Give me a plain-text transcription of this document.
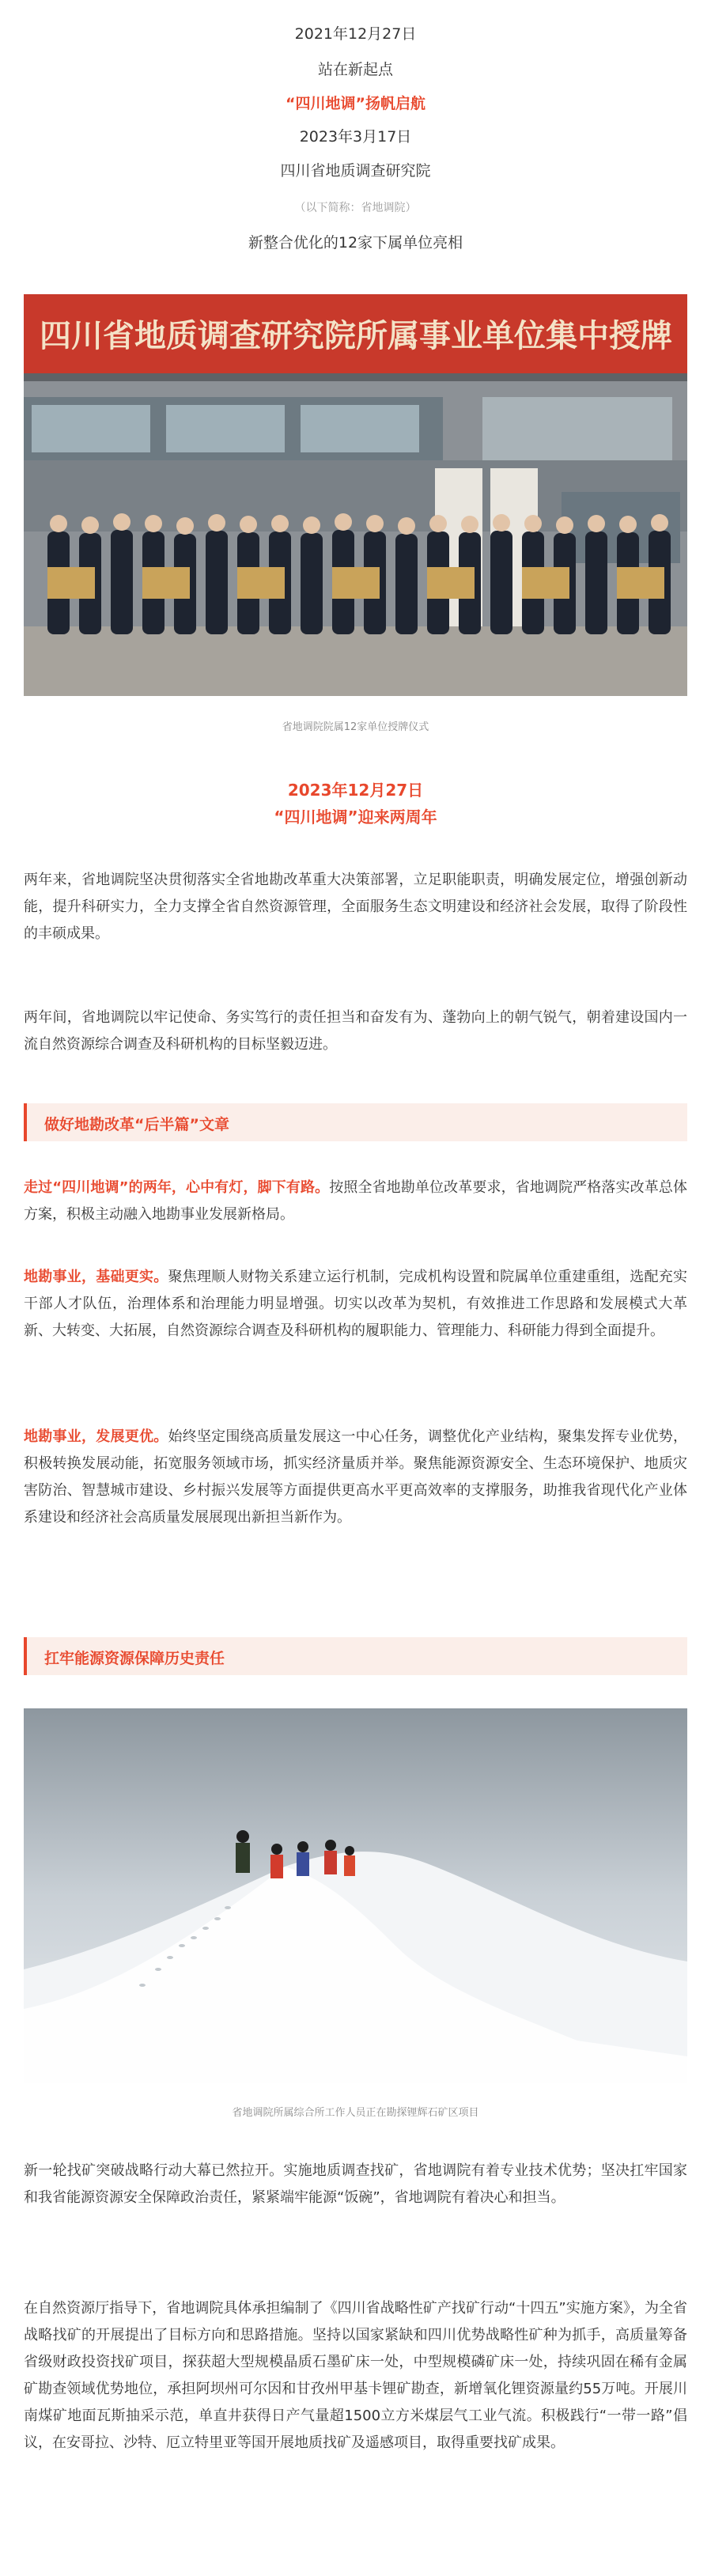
2021年12月27日
站在新起点
“四川地调”扬帆启航
2023年3月17日
四川省地质调查研究院
（以下简称：省地调院）
新整合优化的12家下属单位亮相
四川省地质调查研究院所属事业单位集中授牌
省地调院院属12家单位授牌仪式
2023年12月27日
“四川地调”迎来两周年

两年来，省地调院坚决贯彻落实全省地勘改革重大决策部署，立足职能职责，明确发展定位，增强创新动能，提升科研实力，全力支撑全省自然资源管理，全面服务生态文明建设和经济社会发展，取得了阶段性的丰硕成果。

两年间，省地调院以牢记使命、务实笃行的责任担当和奋发有为、蓬勃向上的朝气锐气，朝着建设国内一流自然资源综合调查及科研机构的目标坚毅迈进。

做好地勘改革“后半篇”文章

走过“四川地调”的两年，心中有灯，脚下有路。按照全省地勘单位改革要求，省地调院严格落实改革总体方案，积极主动融入地勘事业发展新格局。

地勘事业，基础更实。聚焦理顺人财物关系建立运行机制，完成机构设置和院属单位重建重组，选配充实干部人才队伍，治理体系和治理能力明显增强。切实以改革为契机，有效推进工作思路和发展模式大革新、大转变、大拓展，自然资源综合调查及科研机构的履职能力、管理能力、科研能力得到全面提升。

地勘事业，发展更优。始终坚定围绕高质量发展这一中心任务，调整优化产业结构，聚集发挥专业优势，积极转换发展动能，拓宽服务领域市场，抓实经济量质并举。聚焦能源资源安全、生态环境保护、地质灾害防治、智慧城市建设、乡村振兴发展等方面提供更高水平更高效率的支撑服务，助推我省现代化产业体系建设和经济社会高质量发展展现出新担当新作为。

扛牢能源资源保障历史责任
省地调院所属综合所工作人员正在勘探锂辉石矿区项目

新一轮找矿突破战略行动大幕已然拉开。实施地质调查找矿，省地调院有着专业技术优势；坚决扛牢国家和我省能源资源安全保障政治责任，紧紧端牢能源“饭碗”，省地调院有着决心和担当。

在自然资源厅指导下，省地调院具体承担编制了《四川省战略性矿产找矿行动“十四五”实施方案》，为全省战略找矿的开展提出了目标方向和思路措施。坚持以国家紧缺和四川优势战略性矿种为抓手，高质量筹备省级财政投资找矿项目，探获超大型规模晶质石墨矿床一处，中型规模磷矿床一处，持续巩固在稀有金属矿勘查领域优势地位，承担阿坝州可尔因和甘孜州甲基卡锂矿勘查，新增氧化锂资源量约55万吨。开展川南煤矿地面瓦斯抽采示范，单直井获得日产气量超1500立方米煤层气工业气流。积极践行“一带一路”倡议，在安哥拉、沙特、厄立特里亚等国开展地质找矿及遥感项目，取得重要找矿成果。
